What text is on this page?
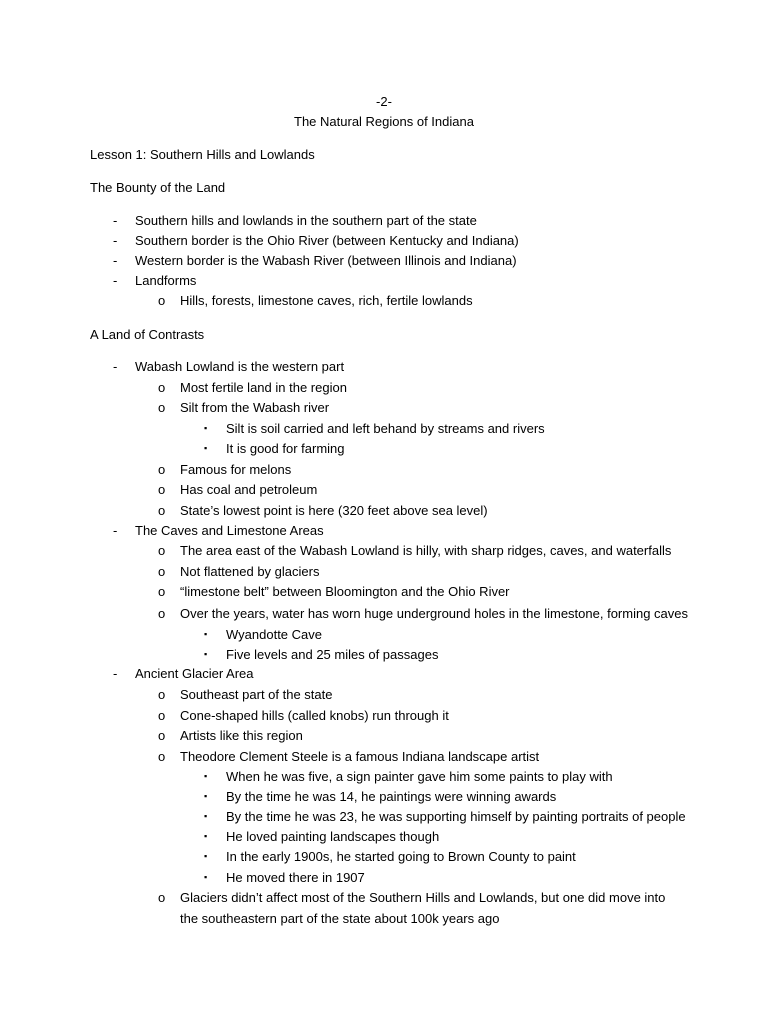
-2-
The Natural Regions of Indiana
Lesson 1: Southern Hills and Lowlands
The Bounty of the Land
- Southern hills and lowlands in the southern part of the state
- Southern border is the Ohio River (between Kentucky and Indiana)
- Western border is the Wabash River (between Illinois and Indiana)
- Landforms
o Hills, forests, limestone caves, rich, fertile lowlands
A Land of Contrasts
- Wabash Lowland is the western part
o Most fertile land in the region
o Silt from the Wabash river
▪ Silt is soil carried and left behand by streams and rivers
▪ It is good for farming
o Famous for melons
o Has coal and petroleum
o State’s lowest point is here (320 feet above sea level)
- The Caves and Limestone Areas
o The area east of the Wabash Lowland is hilly, with sharp ridges, caves, and waterfalls
o Not flattened by glaciers
o “limestone belt” between Bloomington and the Ohio River
o Over the years, water has worn huge underground holes in the limestone, forming caves
▪ Wyandotte Cave
▪ Five levels and 25 miles of passages
- Ancient Glacier Area
o Southeast part of the state
o Cone-shaped hills (called knobs) run through it
o Artists like this region
o Theodore Clement Steele is a famous Indiana landscape artist
▪ When he was five, a sign painter gave him some paints to play with
▪ By the time he was 14, he paintings were winning awards
▪ By the time he was 23, he was supporting himself by painting portraits of people
▪ He loved painting landscapes though
▪ In the early 1900s, he started going to Brown County to paint
▪ He moved there in 1907
o Glaciers didn’t affect most of the Southern Hills and Lowlands, but one did move into
the southeastern part of the state about 100k years ago
